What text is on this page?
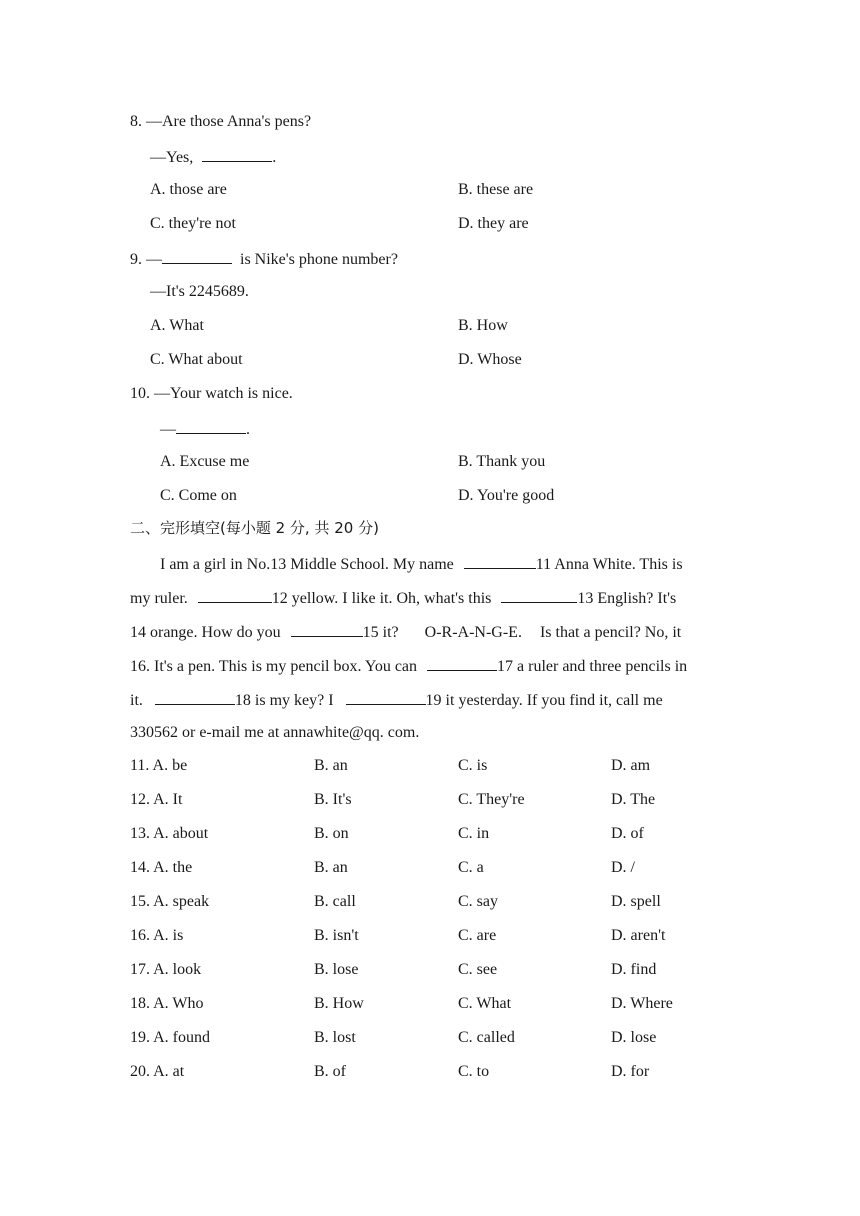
8. —Are those Anna's pens?
—Yes,	.
A. those are	B. these are
C. they're not	D. they are
9. —	is Nike's phone number?
—It's 2245689.
A. What	B. How
C. What about	D. Whose
10. —Your watch is nice.
—	.
A. Excuse me	B. Thank you
C. Come on	D. You're good
二、完形填空(每小题 2 分, 共 20 分)
I am a girl in No.13 Middle School. My name	11 Anna White. This is
my ruler.	12 yellow. I like it. Oh, what's this	13 English? It's
14 orange. How do you	15 it? O-R-A-N-G-E. Is that a pencil? No, it
16. It's a pen. This is my pencil box. You can	17 a ruler and three pencils in
it.	18 is my key? I	19 it yesterday. If you find it, call me
330562 or e-mail me at annawhite@qq. com.
11. A. be	B. an	C. is	D. am
12. A. It	B. It's	C. They're	D. The
13. A. about	B. on	C. in	D. of
14. A. the	B. an	C. a	D. /
15. A. speak	B. call	C. say	D. spell
16. A. is	B. isn't	C. are	D. aren't
17. A. look	B. lose	C. see	D. find
18. A. Who	B. How	C. What	D. Where
19. A. found	B. lost	C. called	D. lose
20. A. at	B. of	C. to	D. for
